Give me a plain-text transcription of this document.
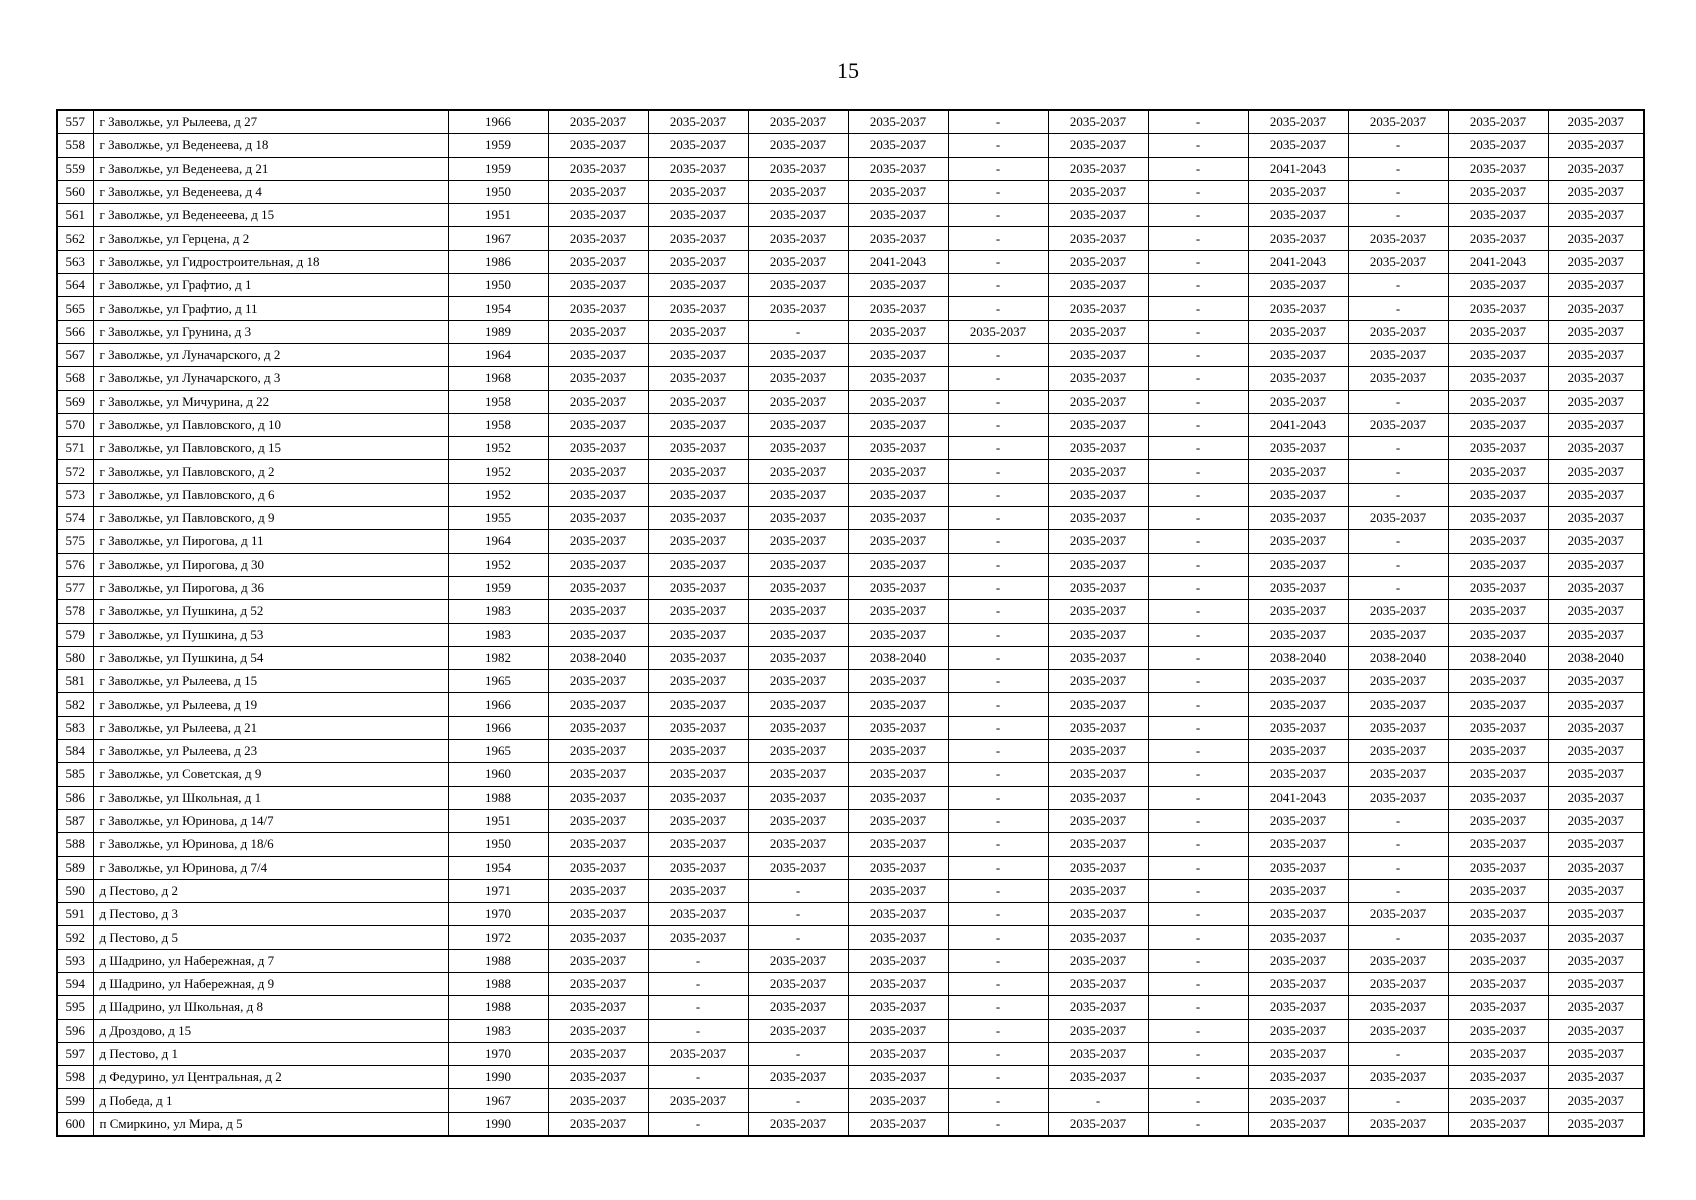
15
557	г Заволжье, ул Рылеева, д 27	1966	2035-2037	2035-2037	2035-2037	2035-2037	-	2035-2037	-	2035-2037	2035-2037	2035-2037	2035-2037
558	г Заволжье, ул Веденеева, д 18	1959	2035-2037	2035-2037	2035-2037	2035-2037	-	2035-2037	-	2035-2037	-	2035-2037	2035-2037
559	г Заволжье, ул Веденеева, д 21	1959	2035-2037	2035-2037	2035-2037	2035-2037	-	2035-2037	-	2041-2043	-	2035-2037	2035-2037
560	г Заволжье, ул Веденеева, д 4	1950	2035-2037	2035-2037	2035-2037	2035-2037	-	2035-2037	-	2035-2037	-	2035-2037	2035-2037
561	г Заволжье, ул Веденееева, д 15	1951	2035-2037	2035-2037	2035-2037	2035-2037	-	2035-2037	-	2035-2037	-	2035-2037	2035-2037
562	г Заволжье, ул Герцена, д 2	1967	2035-2037	2035-2037	2035-2037	2035-2037	-	2035-2037	-	2035-2037	2035-2037	2035-2037	2035-2037
563	г Заволжье, ул Гидростроительная, д 18	1986	2035-2037	2035-2037	2035-2037	2041-2043	-	2035-2037	-	2041-2043	2035-2037	2041-2043	2035-2037
564	г Заволжье, ул Графтио, д 1	1950	2035-2037	2035-2037	2035-2037	2035-2037	-	2035-2037	-	2035-2037	-	2035-2037	2035-2037
565	г Заволжье, ул Графтио, д 11	1954	2035-2037	2035-2037	2035-2037	2035-2037	-	2035-2037	-	2035-2037	-	2035-2037	2035-2037
566	г Заволжье, ул Грунина, д 3	1989	2035-2037	2035-2037	-	2035-2037	2035-2037	2035-2037	-	2035-2037	2035-2037	2035-2037	2035-2037
567	г Заволжье, ул Луначарского, д 2	1964	2035-2037	2035-2037	2035-2037	2035-2037	-	2035-2037	-	2035-2037	2035-2037	2035-2037	2035-2037
568	г Заволжье, ул Луначарского, д 3	1968	2035-2037	2035-2037	2035-2037	2035-2037	-	2035-2037	-	2035-2037	2035-2037	2035-2037	2035-2037
569	г Заволжье, ул Мичурина, д 22	1958	2035-2037	2035-2037	2035-2037	2035-2037	-	2035-2037	-	2035-2037	-	2035-2037	2035-2037
570	г Заволжье, ул Павловского, д 10	1958	2035-2037	2035-2037	2035-2037	2035-2037	-	2035-2037	-	2041-2043	2035-2037	2035-2037	2035-2037
571	г Заволжье, ул Павловского, д 15	1952	2035-2037	2035-2037	2035-2037	2035-2037	-	2035-2037	-	2035-2037	-	2035-2037	2035-2037
572	г Заволжье, ул Павловского, д 2	1952	2035-2037	2035-2037	2035-2037	2035-2037	-	2035-2037	-	2035-2037	-	2035-2037	2035-2037
573	г Заволжье, ул Павловского, д 6	1952	2035-2037	2035-2037	2035-2037	2035-2037	-	2035-2037	-	2035-2037	-	2035-2037	2035-2037
574	г Заволжье, ул Павловского, д 9	1955	2035-2037	2035-2037	2035-2037	2035-2037	-	2035-2037	-	2035-2037	2035-2037	2035-2037	2035-2037
575	г Заволжье, ул Пирогова, д 11	1964	2035-2037	2035-2037	2035-2037	2035-2037	-	2035-2037	-	2035-2037	-	2035-2037	2035-2037
576	г Заволжье, ул Пирогова, д 30	1952	2035-2037	2035-2037	2035-2037	2035-2037	-	2035-2037	-	2035-2037	-	2035-2037	2035-2037
577	г Заволжье, ул Пирогова, д 36	1959	2035-2037	2035-2037	2035-2037	2035-2037	-	2035-2037	-	2035-2037	-	2035-2037	2035-2037
578	г Заволжье, ул Пушкина, д 52	1983	2035-2037	2035-2037	2035-2037	2035-2037	-	2035-2037	-	2035-2037	2035-2037	2035-2037	2035-2037
579	г Заволжье, ул Пушкина, д 53	1983	2035-2037	2035-2037	2035-2037	2035-2037	-	2035-2037	-	2035-2037	2035-2037	2035-2037	2035-2037
580	г Заволжье, ул Пушкина, д 54	1982	2038-2040	2035-2037	2035-2037	2038-2040	-	2035-2037	-	2038-2040	2038-2040	2038-2040	2038-2040
581	г Заволжье, ул Рылеева, д 15	1965	2035-2037	2035-2037	2035-2037	2035-2037	-	2035-2037	-	2035-2037	2035-2037	2035-2037	2035-2037
582	г Заволжье, ул Рылеева, д 19	1966	2035-2037	2035-2037	2035-2037	2035-2037	-	2035-2037	-	2035-2037	2035-2037	2035-2037	2035-2037
583	г Заволжье, ул Рылеева, д 21	1966	2035-2037	2035-2037	2035-2037	2035-2037	-	2035-2037	-	2035-2037	2035-2037	2035-2037	2035-2037
584	г Заволжье, ул Рылеева, д 23	1965	2035-2037	2035-2037	2035-2037	2035-2037	-	2035-2037	-	2035-2037	2035-2037	2035-2037	2035-2037
585	г Заволжье, ул Советская, д 9	1960	2035-2037	2035-2037	2035-2037	2035-2037	-	2035-2037	-	2035-2037	2035-2037	2035-2037	2035-2037
586	г Заволжье, ул Школьная, д 1	1988	2035-2037	2035-2037	2035-2037	2035-2037	-	2035-2037	-	2041-2043	2035-2037	2035-2037	2035-2037
587	г Заволжье, ул Юринова, д 14/7	1951	2035-2037	2035-2037	2035-2037	2035-2037	-	2035-2037	-	2035-2037	-	2035-2037	2035-2037
588	г Заволжье, ул Юринова, д 18/6	1950	2035-2037	2035-2037	2035-2037	2035-2037	-	2035-2037	-	2035-2037	-	2035-2037	2035-2037
589	г Заволжье, ул Юринова, д 7/4	1954	2035-2037	2035-2037	2035-2037	2035-2037	-	2035-2037	-	2035-2037	-	2035-2037	2035-2037
590	д Пестово, д 2	1971	2035-2037	2035-2037	-	2035-2037	-	2035-2037	-	2035-2037	-	2035-2037	2035-2037
591	д Пестово, д 3	1970	2035-2037	2035-2037	-	2035-2037	-	2035-2037	-	2035-2037	2035-2037	2035-2037	2035-2037
592	д Пестово, д 5	1972	2035-2037	2035-2037	-	2035-2037	-	2035-2037	-	2035-2037	-	2035-2037	2035-2037
593	д Шадрино, ул Набережная, д 7	1988	2035-2037	-	2035-2037	2035-2037	-	2035-2037	-	2035-2037	2035-2037	2035-2037	2035-2037
594	д Шадрино, ул Набережная, д 9	1988	2035-2037	-	2035-2037	2035-2037	-	2035-2037	-	2035-2037	2035-2037	2035-2037	2035-2037
595	д Шадрино, ул Школьная, д 8	1988	2035-2037	-	2035-2037	2035-2037	-	2035-2037	-	2035-2037	2035-2037	2035-2037	2035-2037
596	д Дроздово, д 15	1983	2035-2037	-	2035-2037	2035-2037	-	2035-2037	-	2035-2037	2035-2037	2035-2037	2035-2037
597	д Пестово, д 1	1970	2035-2037	2035-2037	-	2035-2037	-	2035-2037	-	2035-2037	-	2035-2037	2035-2037
598	д Федурино, ул Центральная, д 2	1990	2035-2037	-	2035-2037	2035-2037	-	2035-2037	-	2035-2037	2035-2037	2035-2037	2035-2037
599	д Победа, д 1	1967	2035-2037	2035-2037	-	2035-2037	-	-	-	2035-2037	-	2035-2037	2035-2037
600	п Смиркино, ул Мира, д 5	1990	2035-2037	-	2035-2037	2035-2037	-	2035-2037	-	2035-2037	2035-2037	2035-2037	2035-2037
